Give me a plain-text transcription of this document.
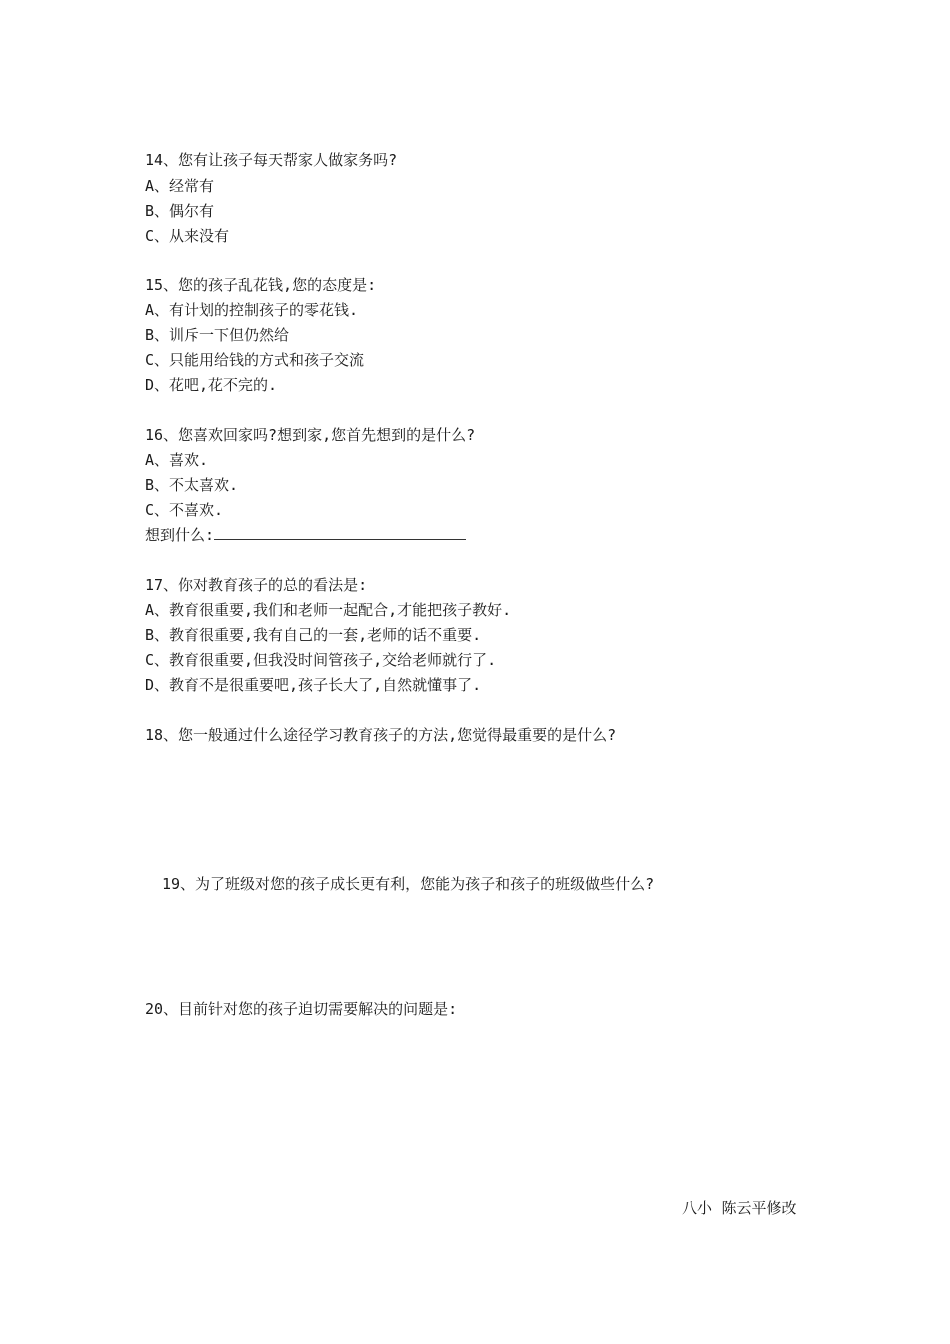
14、您有让孩子每天帮家人做家务吗?
A、经常有
B、偶尔有
C、从来没有
15、您的孩子乱花钱,您的态度是:
A、有计划的控制孩子的零花钱.
B、训斥一下但仍然给
C、只能用给钱的方式和孩子交流
D、花吧,花不完的.
16、您喜欢回家吗?想到家,您首先想到的是什么?
A、喜欢.
B、不太喜欢.
C、不喜欢.
想到什么:
17、你对教育孩子的总的看法是:
A、教育很重要,我们和老师一起配合,才能把孩子教好.
B、教育很重要,我有自己的一套,老师的话不重要.
C、教育很重要,但我没时间管孩子,交给老师就行了.
D、教育不是很重要吧,孩子长大了,自然就懂事了.
18、您一般通过什么途径学习教育孩子的方法,您觉得最重要的是什么?
19、为了班级对您的孩子成长更有利，您能为孩子和孩子的班级做些什么?
20、目前针对您的孩子迫切需要解决的问题是:
八小  陈云平修改
